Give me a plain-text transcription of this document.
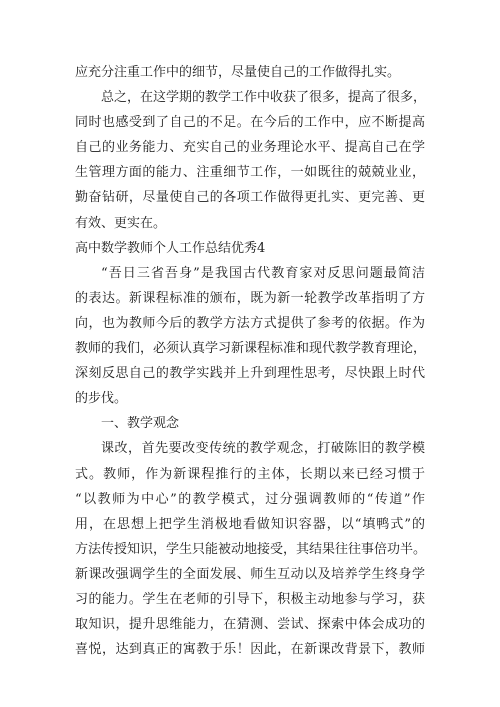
应充分注重工作中的细节，尽量使自己的工作做得扎实。
总之，在这学期的教学工作中收获了很多，提高了很多，
同时也感受到了自己的不足。在今后的工作中，应不断提高
自己的业务能力、充实自己的业务理论水平、提高自己在学
生管理方面的能力、注重细节工作，一如既往的兢兢业业，
勤奋钻研，尽量使自己的各项工作做得更扎实、更完善、更
有效、更实在。
高中数学教师个人工作总结优秀4
“吾日三省吾身”是我国古代教育家对反思问题最简洁
的表达。新课程标准的颁布，既为新一轮教学改革指明了方
向，也为教师今后的教学方法方式提供了参考的依据。作为
教师的我们，必须认真学习新课程标准和现代教学教育理论，
深刻反思自己的教学实践并上升到理性思考，尽快跟上时代
的步伐。
一、教学观念
课改，首先要改变传统的教学观念，打破陈旧的教学模
式。教师，作为新课程推行的主体，长期以来已经习惯于
“以教师为中心”的教学模式，过分强调教师的“传道”作
用，在思想上把学生消极地看做知识容器，以“填鸭式”的
方法传授知识，学生只能被动地接受，其结果往往事倍功半。
新课改强调学生的全面发展、师生互动以及培养学生终身学
习的能力。学生在老师的引导下，积极主动地参与学习，获
取知识，提升思维能力，在猜测、尝试、探索中体会成功的
喜悦，达到真正的寓教于乐！因此，在新课改背景下，教师
